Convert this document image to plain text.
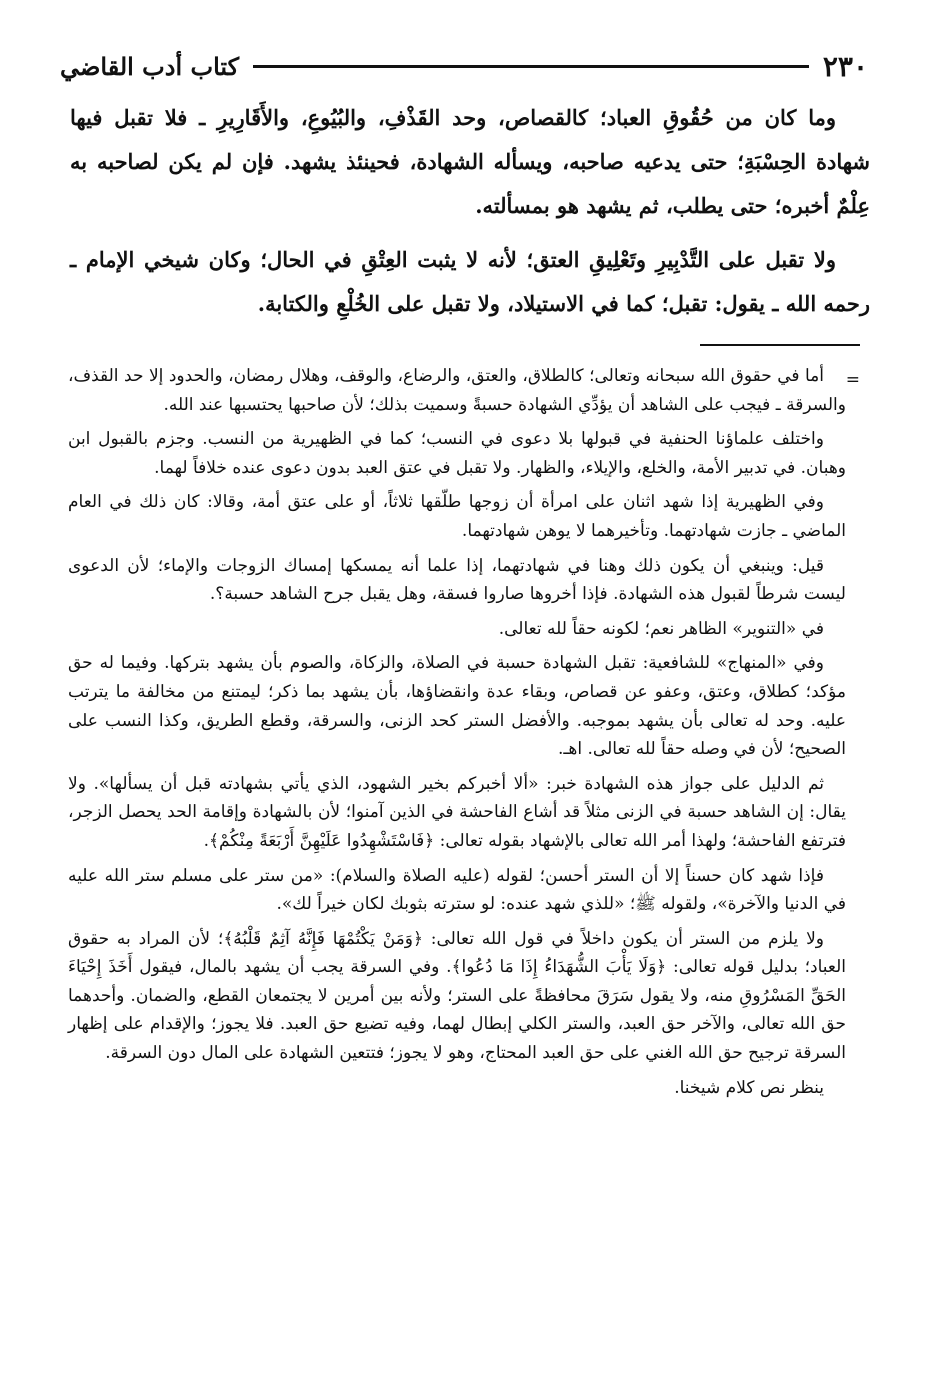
٢٣٠
كتاب أدب القاضي

وما كان من حُقُوقِ العباد؛ كالقصاص، وحد القَذْفِ، والبُيُوعِ، والأَقَارِيرِ ـ فلا تقبل فيها شهادة الحِسْبَةِ؛ حتى يدعيه صاحبه، ويسأله الشهادة، فحينئذ يشهد. فإن لم يكن لصاحبه به عِلْمٌ أخبره؛ حتى يطلب، ثم يشهد هو بمسألته.

ولا تقبل على التَّدْبِيرِ وتَعْلِيقِ العتق؛ لأنه لا يثبت العِتْقِ في الحال؛ وكان شيخي الإمام ـ رحمه الله ـ يقول: تقبل؛ كما في الاستيلاد، ولا تقبل على الخُلْعِ والكتابة.

=

أما في حقوق الله سبحانه وتعالى؛ كالطلاق، والعتق، والرضاع، والوقف، وهلال رمضان، والحدود إلا حد القذف، والسرقة ـ فيجب على الشاهد أن يؤدِّي الشهادة حسبةً وسميت بذلك؛ لأن صاحبها يحتسبها عند الله.

واختلف علماؤنا الحنفية في قبولها بلا دعوى في النسب؛ كما في الظهيرية من النسب. وجزم بالقبول ابن وهبان. في تدبير الأمة، والخلع، والإيلاء، والظهار. ولا تقبل في عتق العبد بدون دعوى عنده خلافاً لهما.

وفي الظهيرية إذا شهد اثنان على امرأة أن زوجها طلّقها ثلاثاً، أو على عتق أمة، وقالا: كان ذلك في العام الماضي ـ جازت شهادتهما. وتأخيرهما لا يوهن شهادتهما.

قيل: وينبغي أن يكون ذلك وهنا في شهادتهما، إذا علما أنه يمسكها إمساك الزوجات والإماء؛ لأن الدعوى ليست شرطاً لقبول هذه الشهادة. فإذا أخروها صاروا فسقة، وهل يقبل جرح الشاهد حسبة؟.

في «التنوير» الظاهر نعم؛ لكونه حقاً لله تعالى.

وفي «المنهاج» للشافعية: تقبل الشهادة حسبة في الصلاة، والزكاة، والصوم بأن يشهد بتركها. وفيما له حق مؤكد؛ كطلاق، وعتق، وعفو عن قصاص، وبقاء عدة وانقضاؤها، بأن يشهد بما ذكر؛ ليمتنع من مخالفة ما يترتب عليه. وحد له تعالى بأن يشهد بموجبه. والأفضل الستر كحد الزنى، والسرقة، وقطع الطريق، وكذا النسب على الصحيح؛ لأن في وصله حقاً لله تعالى. اهـ.

ثم الدليل على جواز هذه الشهادة خبر: «ألا أخبركم بخير الشهود، الذي يأتي بشهادته قبل أن يسألها». ولا يقال: إن الشاهد حسبة في الزنى مثلاً قد أشاع الفاحشة في الذين آمنوا؛ لأن بالشهادة وإقامة الحد يحصل الزجر، فترتفع الفاحشة؛ ولهذا أمر الله تعالى بالإشهاد بقوله تعالى: ﴿فَاسْتَشْهِدُوا عَلَيْهِنَّ أَرْبَعَةً مِنْكُمْ﴾.

فإذا شهد كان حسناً إلا أن الستر أحسن؛ لقوله (عليه الصلاة والسلام): «من ستر على مسلم ستر الله عليه في الدنيا والآخرة»، ولقوله ﷺ؛ «للذي شهد عنده: لو سترته بثوبك لكان خيراً لك».

ولا يلزم من الستر أن يكون داخلاً في قول الله تعالى: ﴿وَمَنْ يَكْتُمْهَا فَإِنَّهُ آثِمٌ قَلْبُهُ﴾؛ لأن المراد به حقوق العباد؛ بدليل قوله تعالى: ﴿وَلَا يَأْبَ الشُّهَدَاءُ إِذَا مَا دُعُوا﴾. وفي السرقة يجب أن يشهد بالمال، فيقول أَخَذَ إِحْيَاءَ الحَقِّ المَسْرُوقِ منه، ولا يقول سَرَقَ محافظةً على الستر؛ ولأنه بين أمرين لا يجتمعان القطع، والضمان. وأحدهما حق الله تعالى، والآخر حق العبد، والستر الكلي إبطال لهما، وفيه تضيع حق العبد. فلا يجوز؛ والإقدام على إظهار السرقة ترجيح حق الله الغني على حق العبد المحتاج، وهو لا يجوز؛ فتتعين الشهادة على المال دون السرقة.

ينظر نص كلام شيخنا.
